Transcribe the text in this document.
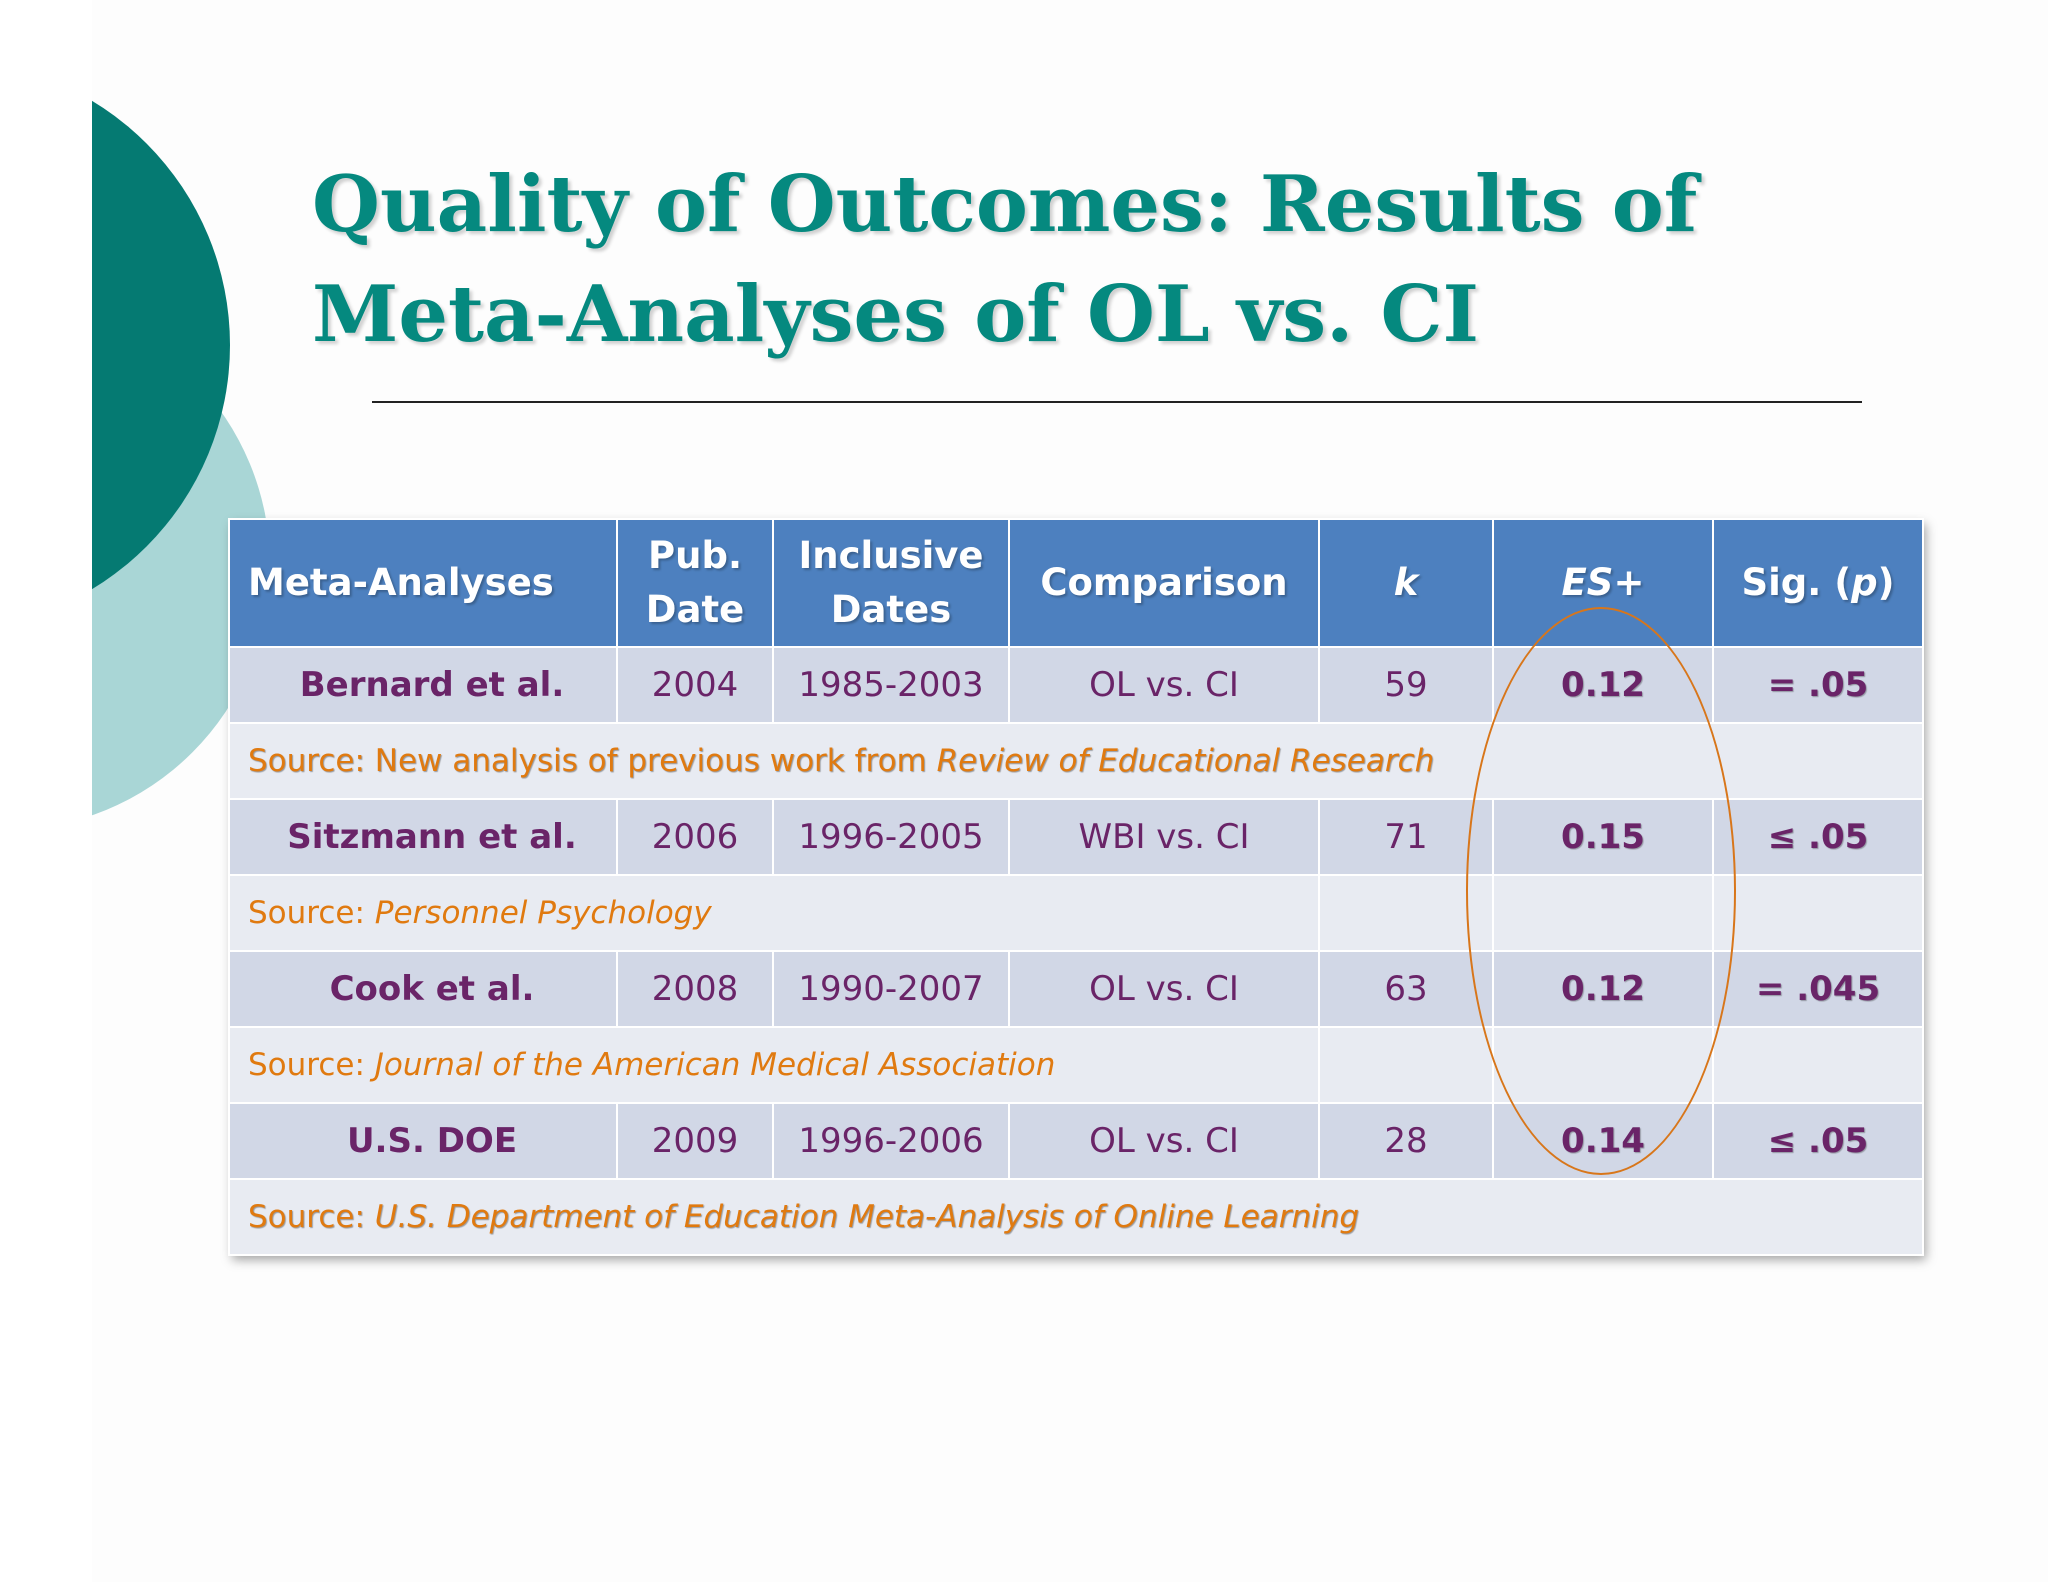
Quality of Outcomes: Results of Meta-Analyses of OL vs. CI
Meta-Analyses	Pub. Date	Inclusive Dates	Comparison	k	ES+	Sig. (p)
Bernard et al.	2004	1985-2003	OL vs. CI	59	0.12	= .05
Source: New analysis of previous work from Review of Educational Research						
Sitzmann et al.	2006	1996-2005	WBI vs. CI	71	0.15	≤ .05
Source: Personnel Psychology						
Cook et al.	2008	1990-2007	OL vs. CI	63	0.12	= .045
Source: Journal of the American Medical Association						
U.S. DOE	2009	1996-2006	OL vs. CI	28	0.14	≤ .05
Source: U.S. Department of Education Meta-Analysis of Online Learning						
